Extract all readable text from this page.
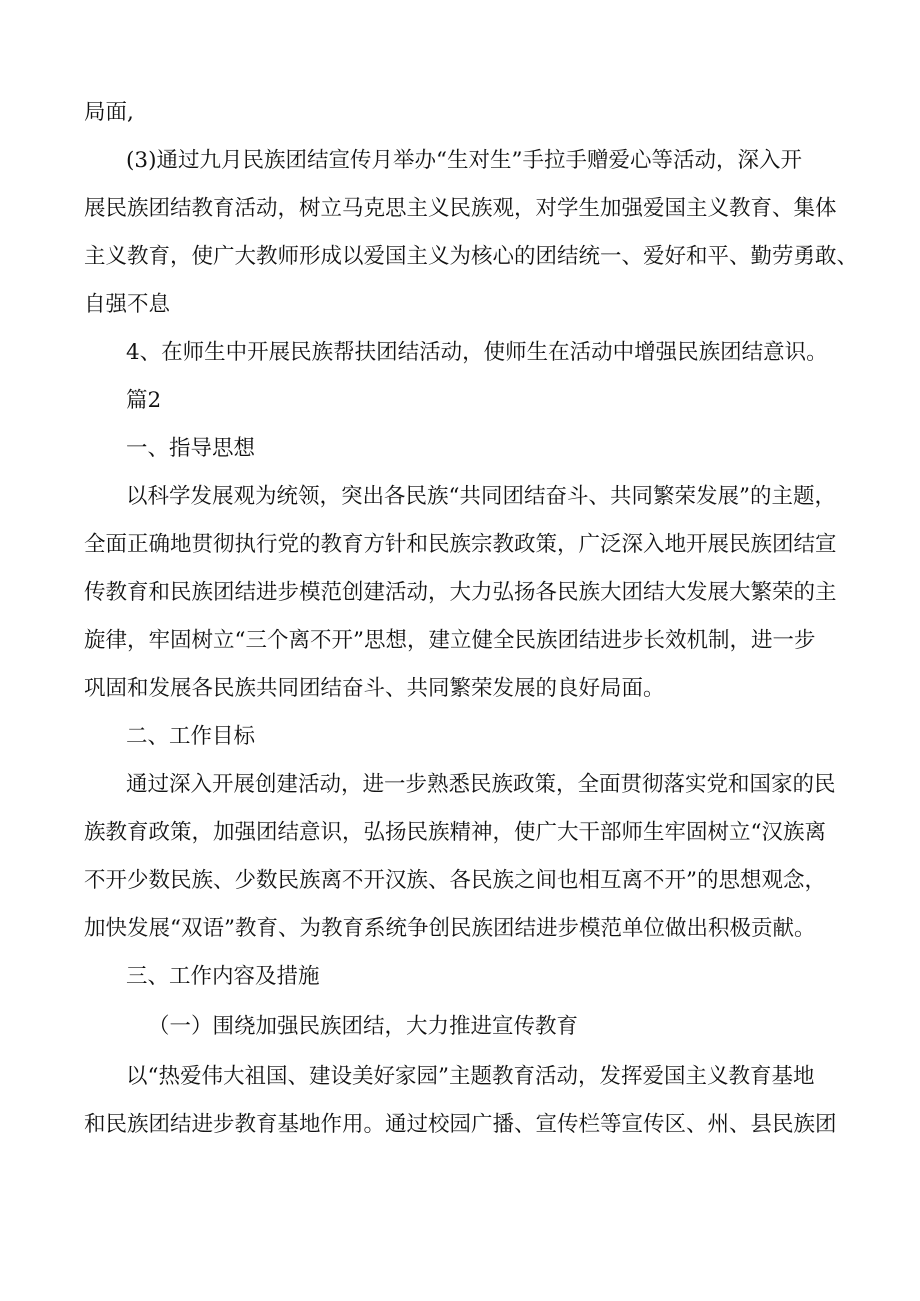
局面,
(3)通过九月民族团结宣传月举办“生对生”手拉手赠爱心等活动，深入开
展民族团结教育活动，树立马克思主义民族观，对学生加强爱国主义教育、集体
主义教育，使广大教师形成以爱国主义为核心的团结统一、爱好和平、勤劳勇敢、
自强不息
4、在师生中开展民族帮扶团结活动，使师生在活动中增强民族团结意识。
篇2
一、指导思想
以科学发展观为统领，突出各民族“共同团结奋斗、共同繁荣发展”的主题，
全面正确地贯彻执行党的教育方针和民族宗教政策，广泛深入地开展民族团结宣
传教育和民族团结进步模范创建活动，大力弘扬各民族大团结大发展大繁荣的主
旋律，牢固树立“三个离不开”思想，建立健全民族团结进步长效机制，进一步
巩固和发展各民族共同团结奋斗、共同繁荣发展的良好局面。
二、工作目标
通过深入开展创建活动，进一步熟悉民族政策，全面贯彻落实党和国家的民
族教育政策，加强团结意识，弘扬民族精神，使广大干部师生牢固树立“汉族离
不开少数民族、少数民族离不开汉族、各民族之间也相互离不开”的思想观念，
加快发展“双语”教育、为教育系统争创民族团结进步模范单位做出积极贡献。
三、工作内容及措施
（一）围绕加强民族团结，大力推进宣传教育
以“热爱伟大祖国、建设美好家园”主题教育活动，发挥爱国主义教育基地
和民族团结进步教育基地作用。通过校园广播、宣传栏等宣传区、州、县民族团
